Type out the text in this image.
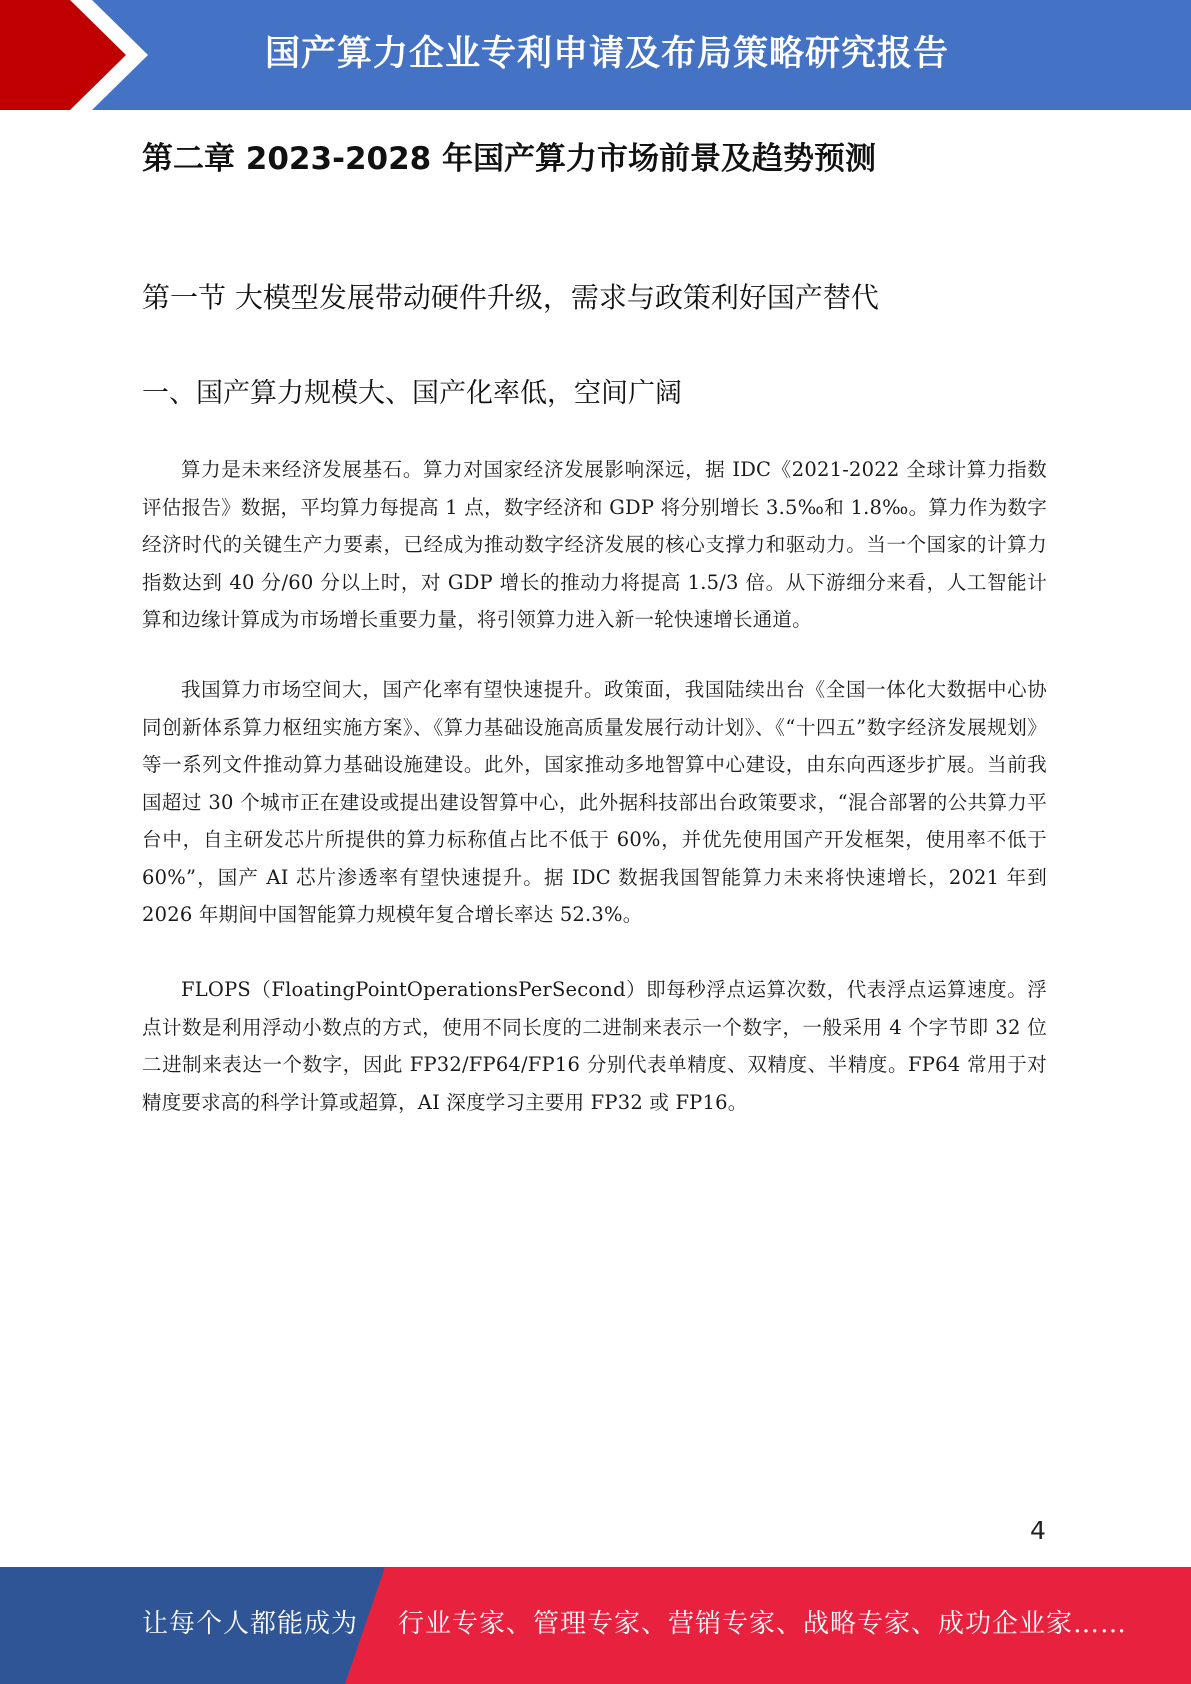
国产算力企业专利申请及布局策略研究报告
第二章 2023-2028 年国产算力市场前景及趋势预测
第一节 大模型发展带动硬件升级，需求与政策利好国产替代
一、国产算力规模大、国产化率低，空间广阔

算力是未来经济发展基石。算力对国家经济发展影响深远，据 IDC《2021-2022 全球计算力指数评估报告》数据，平均算力每提高 1 点，数字经济和 GDP 将分别增长 3.5‰和 1.8‰。算力作为数字经济时代的关键生产力要素，已经成为推动数字经济发展的核心支撑力和驱动力。当一个国家的计算力指数达到 40 分/60 分以上时，对 GDP 增长的推动力将提高 1.5/3 倍。从下游细分来看，人工智能计算和边缘计算成为市场增长重要力量，将引领算力进入新一轮快速增长通道。

我国算力市场空间大，国产化率有望快速提升。政策面，我国陆续出台《全国一体化大数据中心协同创新体系算力枢纽实施方案》、《算力基础设施高质量发展行动计划》、《“十四五”数字经济发展规划》等一系列文件推动算力基础设施建设。此外，国家推动多地智算中心建设，由东向西逐步扩展。当前我国超过 30 个城市正在建设或提出建设智算中心，此外据科技部出台政策要求，“混合部署的公共算力平台中，自主研发芯片所提供的算力标称值占比不低于 60%，并优先使用国产开发框架，使用率不低于 60%”，国产 AI 芯片渗透率有望快速提升。据 IDC 数据我国智能算力未来将快速增长，2021 年到 2026 年期间中国智能算力规模年复合增长率达 52.3%。

FLOPS（FloatingPointOperationsPerSecond）即每秒浮点运算次数，代表浮点运算速度。浮点计数是利用浮动小数点的方式，使用不同长度的二进制来表示一个数字，一般采用 4 个字节即 32 位二进制来表达一个数字，因此 FP32/FP64/FP16 分别代表单精度、双精度、半精度。FP64 常用于对精度要求高的科学计算或超算，AI 深度学习主要用 FP32 或 FP16。

4
让每个人都能成为 行业专家、管理专家、营销专家、战略专家、成功企业家……
